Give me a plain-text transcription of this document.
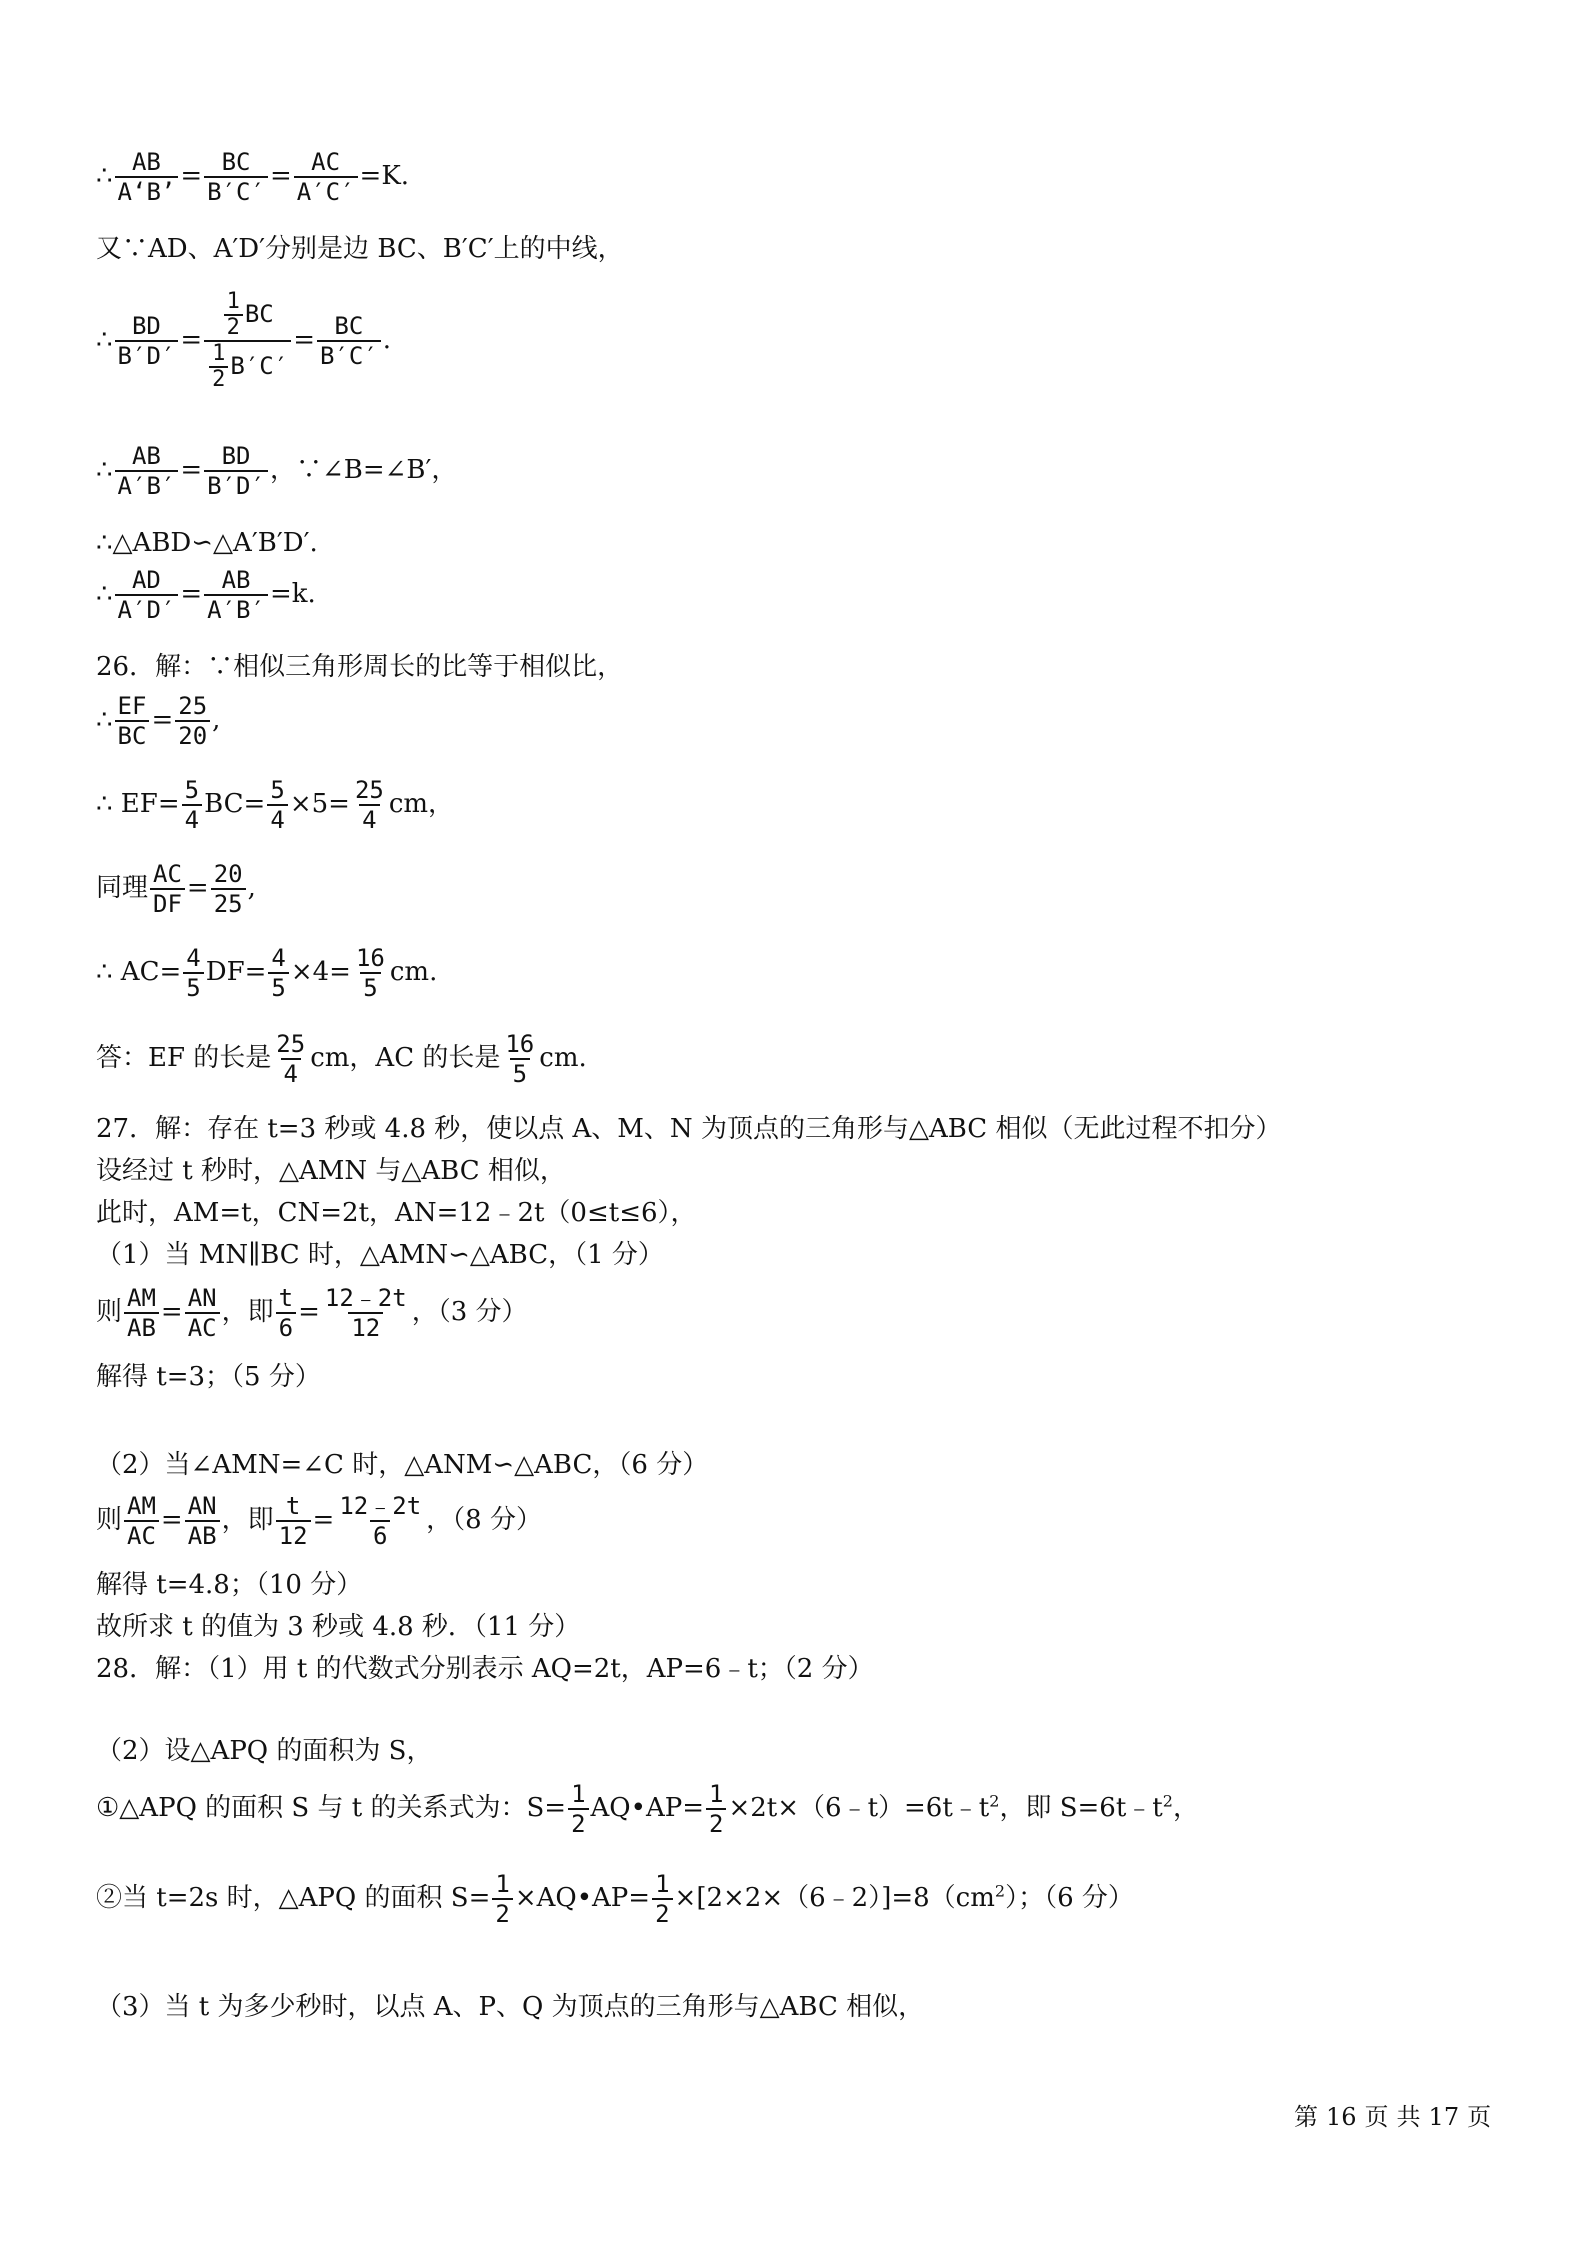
∴ $\frac{AB}{A‘B’} = \frac{BC}{B'C'} = \frac{AC}{A'C'} =K$.
又∵AD、A′D′分别是边 BC、B′C′上的中线，
∴ $\frac{BD}{B'D'} = \frac{\frac{1}{2} BC}{\frac{1}{2} B'C'} = \frac{BC}{B'C'}$ .
∴ $\frac{AB}{A'B'} = \frac{BD}{B'D'}$ ，∵∠B=∠B′，
∴△ABD∽△A′B′D′.
∴ $\frac{AD}{A'D'} = \frac{AB}{A'B'} =k$.
26．解：∵相似三角形周长的比等于相似比，
∴ $\frac{EF}{BC} = \frac{25}{20}$ ,
∴ $EF= \frac{5}{4} BC= \frac{5}{4} \times 5= \frac{25}{4}$ cm，
同理 $\frac{AC}{DF} = \frac{20}{25}$ ,
∴ $AC= \frac{4}{5} DF= \frac{4}{5} \times 4= \frac{16}{5}$ cm.
答：EF 的长是 $\frac{25}{4}$ cm，AC 的长是 $\frac{16}{5}$ cm.
27．解：存在 t=3 秒或 4.8 秒，使以点 A、M、N 为顶点的三角形与△ABC 相似（无此过程不扣分）
设经过 t 秒时，△AMN 与△ABC 相似，
此时，AM=t，CN=2t，AN=12﹣2t（0≤t≤6），
（1）当 MN∥BC 时，△AMN∽△ABC，（1 分）
则 $\frac{AM}{AB} = \frac{AN}{AC}$ ，即 $\frac{t}{6} = \frac{12﹣2t}{12}$ ，（3 分）
解得 t=3；（5 分）
（2）当∠AMN=∠C 时，△ANM∽△ABC，（6 分）
则 $\frac{AM}{AC} = \frac{AN}{AB}$ ，即 $\frac{t}{12} = \frac{12﹣2t}{6}$ ，（8 分）
解得 t=4.8；（10 分）
故所求 t 的值为 3 秒或 4.8 秒．（11 分）
28．解：（1）用 t 的代数式分别表示 AQ=2t，AP=6﹣t；（2 分）
（2）设△APQ 的面积为 S，
①△APQ 的面积 S 与 t 的关系式为：$S= \frac{1}{2}$ AQ•AP= $\frac{1}{2}$ $\times 2t\times(6﹣t)=6t﹣t^2$，即 $S=6t﹣t^2$，
②当 t=2s 时，△APQ 的面积 $S= \frac{1}{2}$ ×AQ•AP= $\frac{1}{2}$ $\times[2\times 2\times(6﹣2)]=8(cm^2)$；（6 分）
（3）当 t 为多少秒时，以点 A、P、Q 为顶点的三角形与△ABC 相似，
第 16 页 共 17 页
